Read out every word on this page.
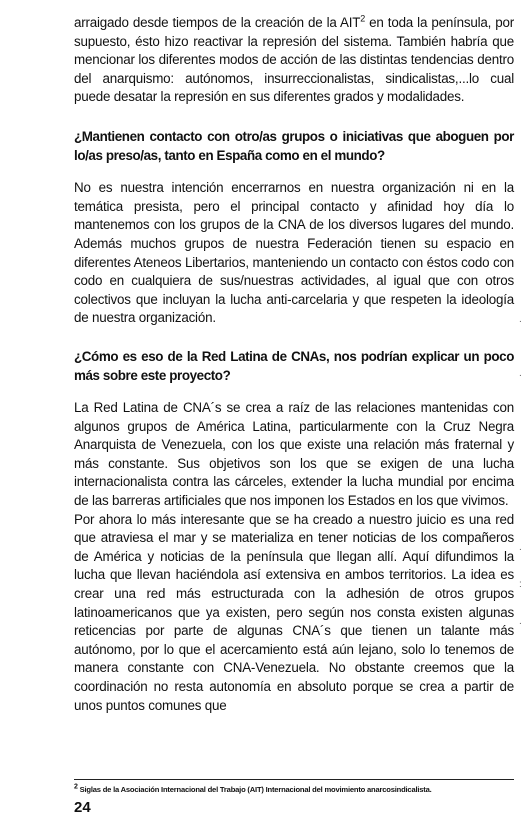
arraigado desde tiempos de la creación de la AIT$^2$ en toda la península, por supuesto, ésto hizo reactivar la represión del sistema. También habría que mencionar los diferentes modos de acción de las distintas tendencias dentro del anarquismo: autónomos, insurreccionalistas, sindicalistas,...lo cual puede desatar la represión en sus diferentes grados y modalidades.

¿Mantienen contacto con otro/as grupos o iniciativas que aboguen por lo/as preso/as, tanto en España como en el mundo?

No es nuestra intención encerrarnos en nuestra organización ni en la temática presista, pero el principal contacto y afinidad hoy día lo mantenemos con los grupos de la CNA de los diversos lugares del mundo. Además muchos grupos de nuestra Federación tienen su espacio en diferentes Ateneos Libertarios, manteniendo un contacto con éstos codo con codo en cualquiera de sus/nuestras actividades, al igual que con otros colectivos que incluyan la lucha anti-carcelaria y que respeten la ideología de nuestra organización.

¿Cómo es eso de la Red Latina de CNAs, nos podrían explicar un poco más sobre este proyecto?

La Red Latina de CNA´s se crea a raíz de las relaciones mantenidas con algunos grupos de América Latina, particularmente con la Cruz Negra Anarquista de Venezuela, con los que existe una relación más fraternal y más constante. Sus objetivos son los que se exigen de una lucha internacionalista contra las cárceles, extender la lucha mundial por encima de las barreras artificiales que nos imponen los Estados en los que vivimos.

Por ahora lo más interesante que se ha creado a nuestro juicio es una red que atraviesa el mar y se materializa en tener noticias de los compañeros de América y noticias de la península que llegan allí. Aquí difundimos la lucha que llevan haciéndola así extensiva en ambos territorios. La idea es crear una red más estructurada con la adhesión de otros grupos latinoamericanos que ya existen, pero según nos consta existen algunas reticencias por parte de algunas CNA´s que tienen un talante más autónomo, por lo que el acercamiento está aún lejano, solo lo tenemos de manera constante con CNA-Venezuela. No obstante creemos que la coordinación no resta autonomía en absoluto porque se crea a partir de unos puntos comunes que

$^2$ Siglas de la Asociación Internacional del Trabajo (AIT) Internacional del movimiento anarcosindicalista.
24
.
.
.
:
.
